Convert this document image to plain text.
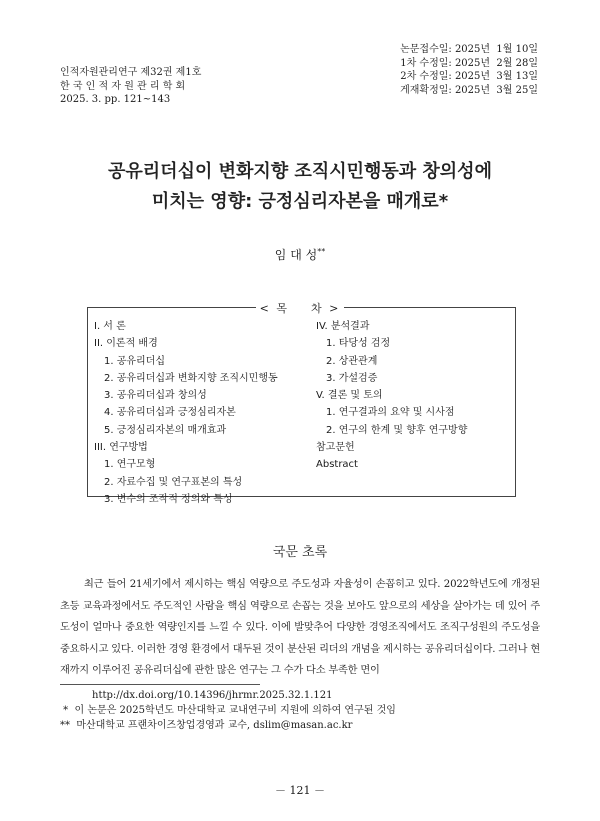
인적자원관리연구 제32권 제1호
한 국 인 적 자 원 관 리 학 회
2025. 3. pp. 121~143
논문접수일: 2025년  1월 10일
1차 수정일: 2025년  2월 28일
2차 수정일: 2025년  3월 13일
게재확정일: 2025년  3월 25일
공유리더십이 변화지향 조직시민행동과 창의성에
미치는 영향: 긍정심리자본을 매개로*
임 대 성**
< 목    차 >
I. 서 론
II. 이론적 배경
1. 공유리더십
2. 공유리더십과 변화지향 조직시민행동
3. 공유리더십과 창의성
4. 공유리더십과 긍정심리자본
5. 긍정심리자본의 매개효과
III. 연구방법
1. 연구모형
2. 자료수집 및 연구표본의 특성
3. 변수의 조작적 정의와 특성
IV. 분석결과
1. 타당성 검정
2. 상관관계
3. 가설검증
V. 결론 및 토의
1. 연구결과의 요약 및 시사점
2. 연구의 한계 및 향후 연구방향
참고문헌
Abstract
국문 초록
최근 들어 21세기에서 제시하는 핵심 역량으로 주도성과 자율성이 손꼽히고 있다. 2022학년도에 개정된 초등 교육과정에서도 주도적인 사람을 핵심 역량으로 손꼽는 것을 보아도 앞으로의 세상을 살아가는 데 있어 주도성이 얼마나 중요한 역량인지를 느낄 수 있다. 이에 발맞추어 다양한 경영조직에서도 조직구성원의 주도성을 중요하시고 있다. 이러한 경영 환경에서 대두된 것이 분산된 리더의 개념을 제시하는 공유리더십이다. 그러나 현재까지 이루어진 공유리더십에 관한 많은 연구는 그 수가 다소 부족한 면이
http://dx.doi.org/10.14396/jhrmr.2025.32.1.121
*  이 논문은 2025학년도 마산대학교 교내연구비 지원에 의하여 연구된 것임
**  마산대학교 프랜차이즈창업경영과 교수, dslim@masan.ac.kr
－ 121 －
